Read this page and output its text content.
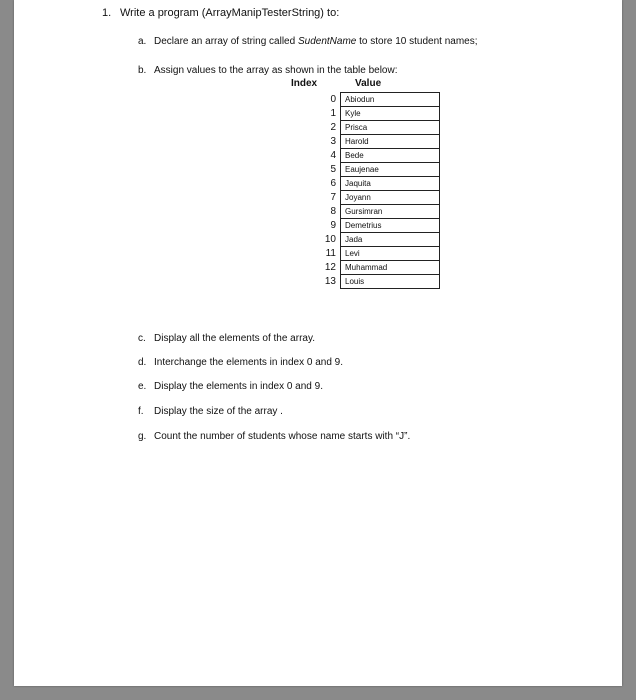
1. Write a program (ArrayManipTesterString) to:
a. Declare an array of string called SudentName to store 10 student names;
b. Assign values to the array as shown in the table below:
Index	Value
0	Abiodun
1	Kyle
2	Prisca
3	Harold
4	Bede
5	Eaujenae
6	Jaquita
7	Joyann
8	Gursimran
9	Demetrius
10	Jada
11	Levi
12	Muhammad
13	Louis
c. Display all the elements of the array.
d. Interchange the elements in index 0 and 9.
e. Display the elements in index 0 and 9.
f. Display the size of the array .
g. Count the number of students whose name starts with “J”.
